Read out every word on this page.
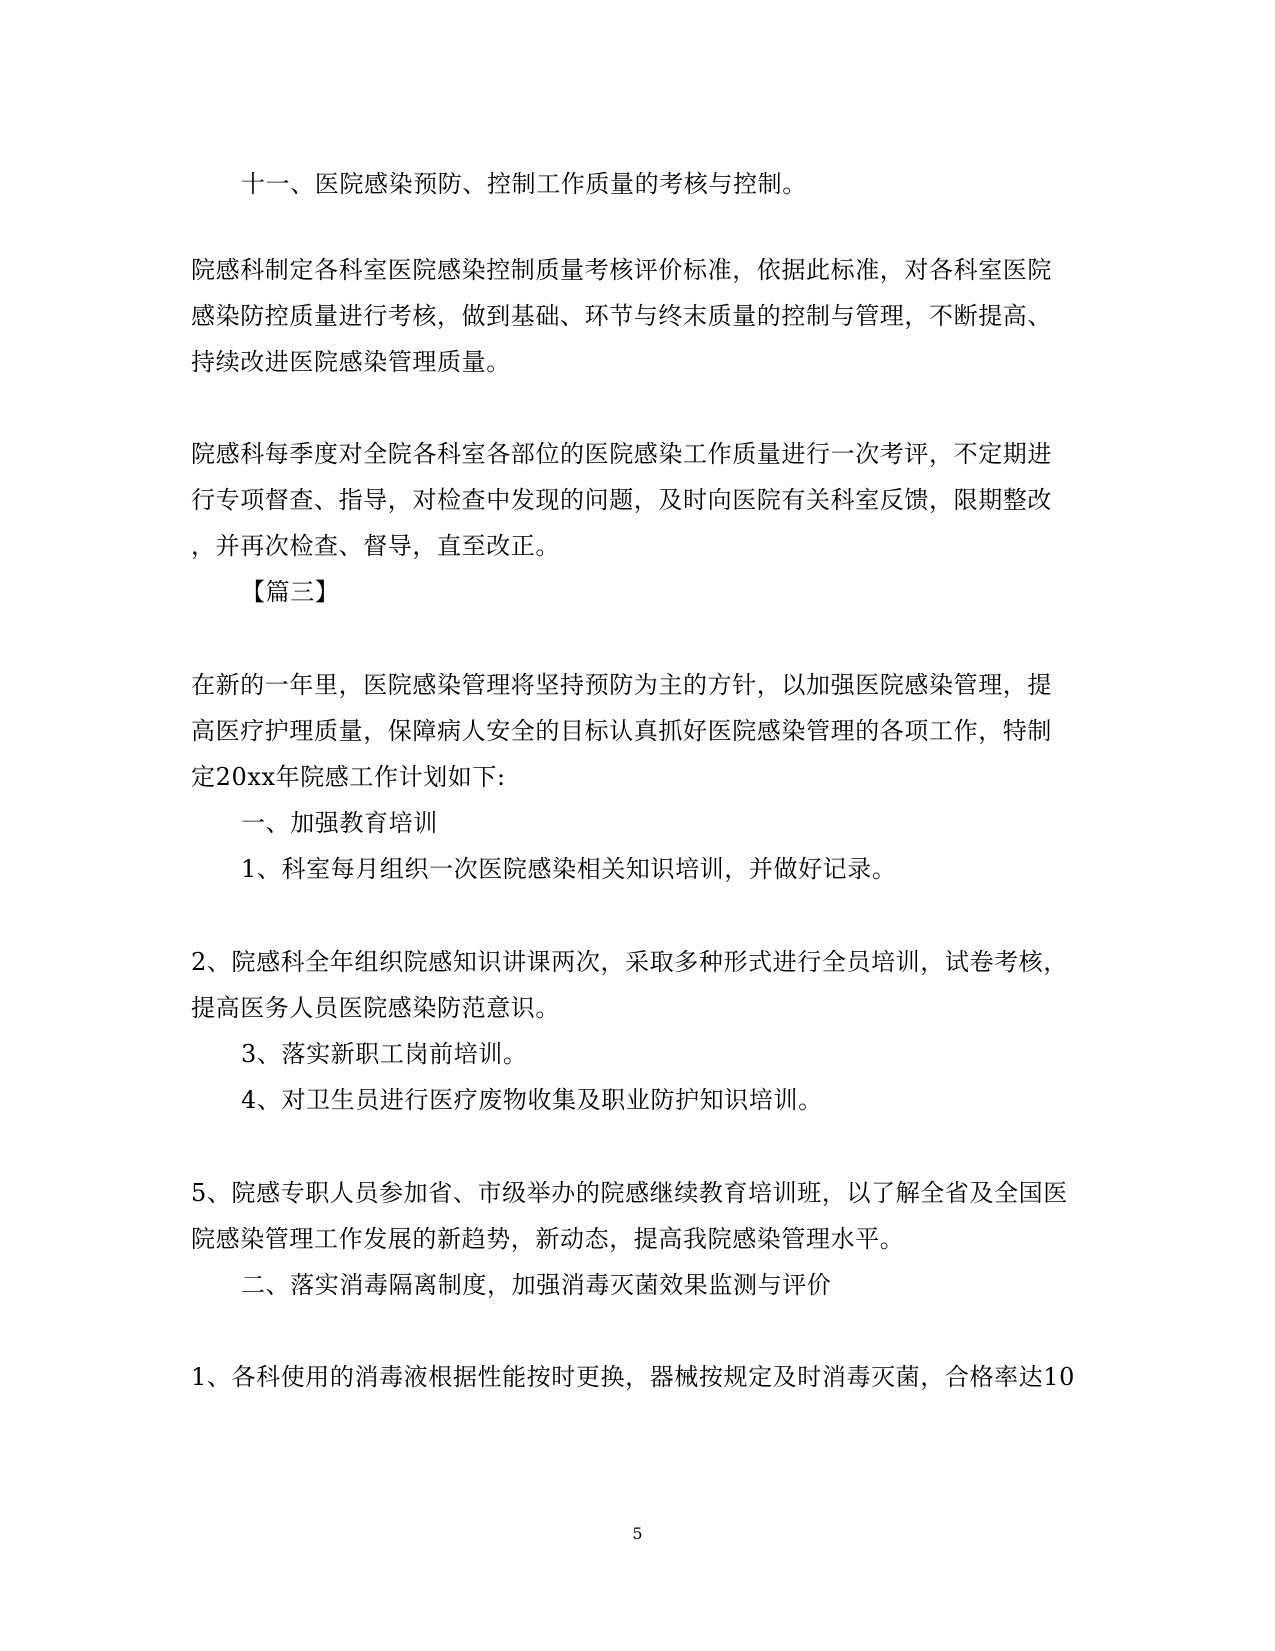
十一、医院感染预防、控制工作质量的考核与控制。
院感科制定各科室医院感染控制质量考核评价标准，依据此标准，对各科室医院
感染防控质量进行考核，做到基础、环节与终末质量的控制与管理，不断提高、
持续改进医院感染管理质量。
院感科每季度对全院各科室各部位的医院感染工作质量进行一次考评，不定期进
行专项督查、指导，对检查中发现的问题，及时向医院有关科室反馈，限期整改
，并再次检查、督导，直至改正。
【篇三】
在新的一年里，医院感染管理将坚持预防为主的方针，以加强医院感染管理，提
高医疗护理质量，保障病人安全的目标认真抓好医院感染管理的各项工作，特制
定20xx年院感工作计划如下:
一、加强教育培训
1、科室每月组织一次医院感染相关知识培训，并做好记录。
2、院感科全年组织院感知识讲课两次，采取多种形式进行全员培训，试卷考核，
提高医务人员医院感染防范意识。
3、落实新职工岗前培训。
4、对卫生员进行医疗废物收集及职业防护知识培训。
5、院感专职人员参加省、市级举办的院感继续教育培训班，以了解全省及全国医
院感染管理工作发展的新趋势，新动态，提高我院感染管理水平。
二、落实消毒隔离制度，加强消毒灭菌效果监测与评价
1、各科使用的消毒液根据性能按时更换，器械按规定及时消毒灭菌，合格率达10
5
